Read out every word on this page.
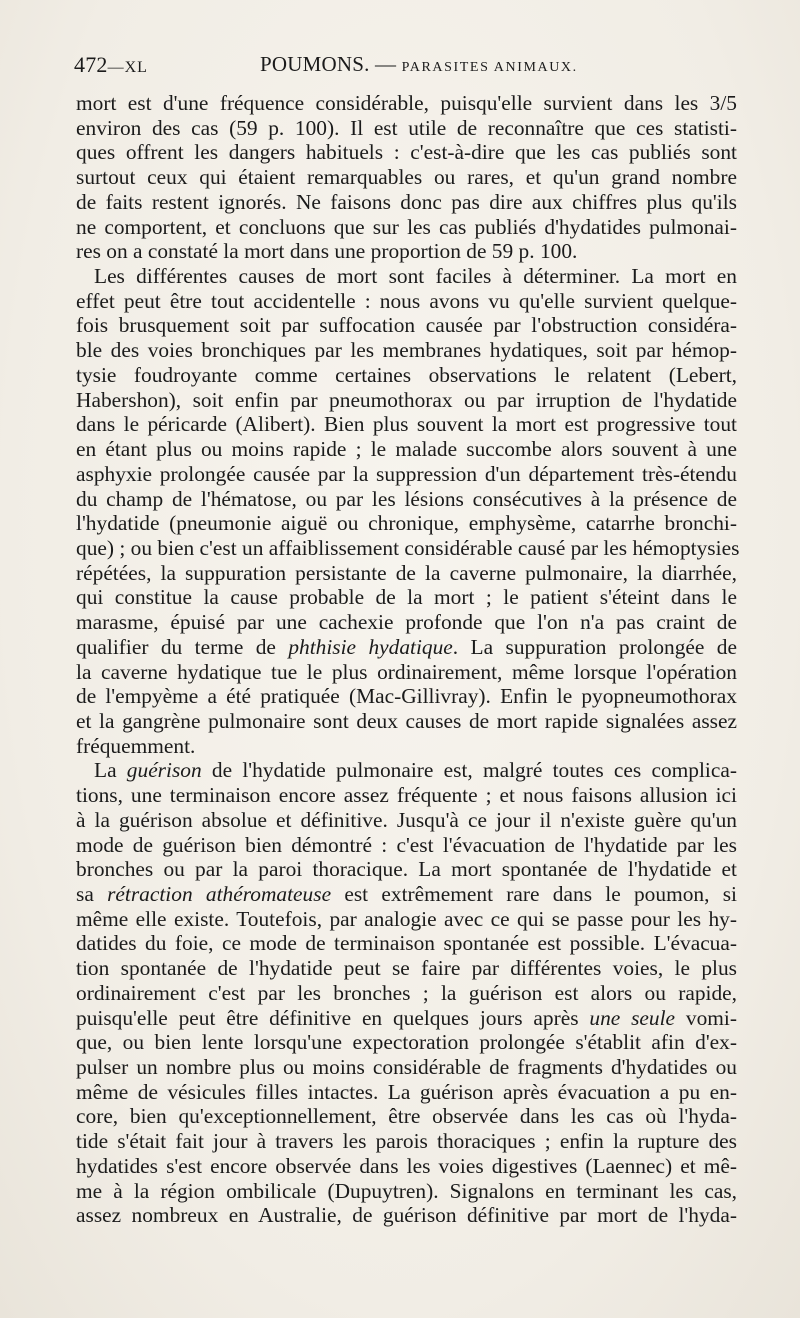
472—XL	POUMONS. — PARASITES ANIMAUX.
mort est d'une fréquence considérable, puisqu'elle survient dans les 3/5
environ des cas (59 p. 100). Il est utile de reconnaître que ces statisti-
ques offrent les dangers habituels : c'est-à-dire que les cas publiés sont
surtout ceux qui étaient remarquables ou rares, et qu'un grand nombre
de faits restent ignorés. Ne faisons donc pas dire aux chiffres plus qu'ils
ne comportent, et concluons que sur les cas publiés d'hydatides pulmonai-
res on a constaté la mort dans une proportion de 59 p. 100.
Les différentes causes de mort sont faciles à déterminer. La mort en
effet peut être tout accidentelle : nous avons vu qu'elle survient quelque-
fois brusquement soit par suffocation causée par l'obstruction considéra-
ble des voies bronchiques par les membranes hydatiques, soit par hémop-
tysie foudroyante comme certaines observations le relatent (Lebert,
Habershon), soit enfin par pneumothorax ou par irruption de l'hydatide
dans le péricarde (Alibert). Bien plus souvent la mort est progressive tout
en étant plus ou moins rapide ; le malade succombe alors souvent à une
asphyxie prolongée causée par la suppression d'un département très-étendu
du champ de l'hématose, ou par les lésions consécutives à la présence de
l'hydatide (pneumonie aiguë ou chronique, emphysème, catarrhe bronchi-
que) ; ou bien c'est un affaiblissement considérable causé par les hémoptysies
répétées, la suppuration persistante de la caverne pulmonaire, la diarrhée,
qui constitue la cause probable de la mort ; le patient s'éteint dans le
marasme, épuisé par une cachexie profonde que l'on n'a pas craint de
qualifier du terme de phthisie hydatique. La suppuration prolongée de
la caverne hydatique tue le plus ordinairement, même lorsque l'opération
de l'empyème a été pratiquée (Mac-Gillivray). Enfin le pyopneumothorax
et la gangrène pulmonaire sont deux causes de mort rapide signalées assez
fréquemment.
La guérison de l'hydatide pulmonaire est, malgré toutes ces complica-
tions, une terminaison encore assez fréquente ; et nous faisons allusion ici
à la guérison absolue et définitive. Jusqu'à ce jour il n'existe guère qu'un
mode de guérison bien démontré : c'est l'évacuation de l'hydatide par les
bronches ou par la paroi thoracique. La mort spontanée de l'hydatide et
sa rétraction athéromateuse est extrêmement rare dans le poumon, si
même elle existe. Toutefois, par analogie avec ce qui se passe pour les hy-
datides du foie, ce mode de terminaison spontanée est possible. L'évacua-
tion spontanée de l'hydatide peut se faire par différentes voies, le plus
ordinairement c'est par les bronches ; la guérison est alors ou rapide,
puisqu'elle peut être définitive en quelques jours après une seule vomi-
que, ou bien lente lorsqu'une expectoration prolongée s'établit afin d'ex-
pulser un nombre plus ou moins considérable de fragments d'hydatides ou
même de vésicules filles intactes. La guérison après évacuation a pu en-
core, bien qu'exceptionnellement, être observée dans les cas où l'hyda-
tide s'était fait jour à travers les parois thoraciques ; enfin la rupture des
hydatides s'est encore observée dans les voies digestives (Laennec) et mê-
me à la région ombilicale (Dupuytren). Signalons en terminant les cas,
assez nombreux en Australie, de guérison définitive par mort de l'hyda-
